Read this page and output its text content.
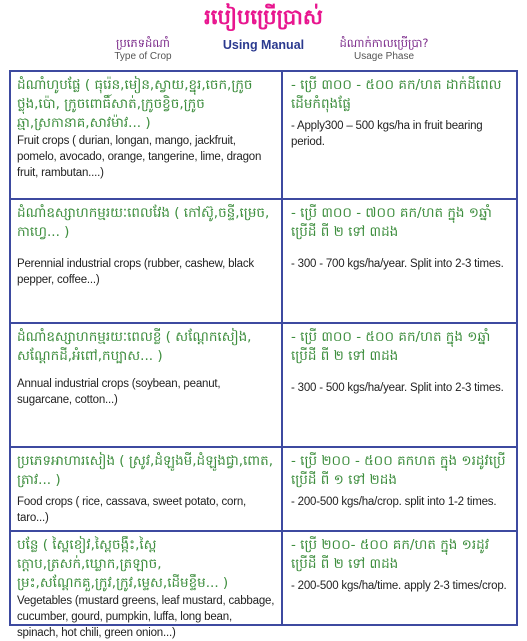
របៀបប្រើប្រាស់
ប្រភេទដំណាំ
Type of Crop
Using Manual	ដំណាក់កាលប្រើប្រា?
Usage Phase
ដំណាំហូបផ្លែ ( ធុរ៉េន,មៀន,ស្វាយ,ខ្នុរ,ចេក,ក្រូចថ្លុង,ប៉ោ, ក្រូចពោធិ៍សាត់,ក្រូចខ្វិច,ក្រូចឆ្មា,ស្រកានាគ,សាវម៉ាវ... )
Fruit crops ( durian, longan, mango, jackfruit, pomelo, avocado, orange, tangerine, lime, dragon fruit, rambutan....)
- ប្រើ ៣០០ - ៥០០ គក/ហត ដាក់ដីពេលដើមកំពុងផ្លែ
- Apply300 – 500 kgs/ha in fruit bearing period.
ដំណាំឧស្សាហកម្មរយៈពេលវែង ( កៅស៊ូ,ចន្ទី,ម្រេច, កាហ្វេ... )
Perennial industrial crops (rubber, cashew, black pepper, coffee...)
- ប្រើ ៣០០ - ៧០០ គក/ហត ក្នុង ១ឆ្នាំ ប្រើដី ពី ២ ទៅ ៣ដង
- 300 - 700 kgs/ha/year. Split into 2-3 times.
ដំណាំឧស្សាហកម្មរយៈពេលខ្លី ( សណ្តែកសៀង, សណ្តែកដី,អំពៅ,កប្បាស... )
Annual industrial crops (soybean, peanut, sugarcane, cotton...)
- ប្រើ ៣០០ - ៥០០ គក/ហត ក្នុង ១ឆ្នាំ ប្រើដី ពី ២ ទៅ ៣ដង
- 300 - 500 kgs/ha/year. Split into 2-3 times.
ប្រភេទអាហារសៀង ( ស្រូវ,ដំឡូងមី,ដំឡូងជ្វា,ពោត, ត្រាវ... )
Food crops ( rice, cassava, sweet potato, corn, taro...)
- ប្រើ ២០០ - ៥០០ គកហត ក្នុង ១រដូវប្រើ ប្រើដី ពី ១ ទៅ ២ដង
- 200-500 kgs/ha/crop. split into 1-2 times.
បន្លែ ( ស្ពៃខៀវ,ស្ពៃចង្កឹះ,ស្ពៃក្តោប,ត្រសក់,ឃ្លោក,ត្រឡាច, ម្រះ,សណ្តែកគួ,ក្រូវ,ក្រូវ,ម្ទេស,ដើមខ្ទឹម... )
Vegetables (mustard greens, leaf mustard, cabbage, cucumber, gourd, pumpkin, luffa, long bean, spinach, hot chili, green onion...)
- ប្រើ ២០០- ៥០០ គក/ហត ក្នុង ១រដូវ ប្រើដី ពី ២ ទៅ ៣ដង
- 200-500 kgs/ha/time. apply 2-3 times/crop.
